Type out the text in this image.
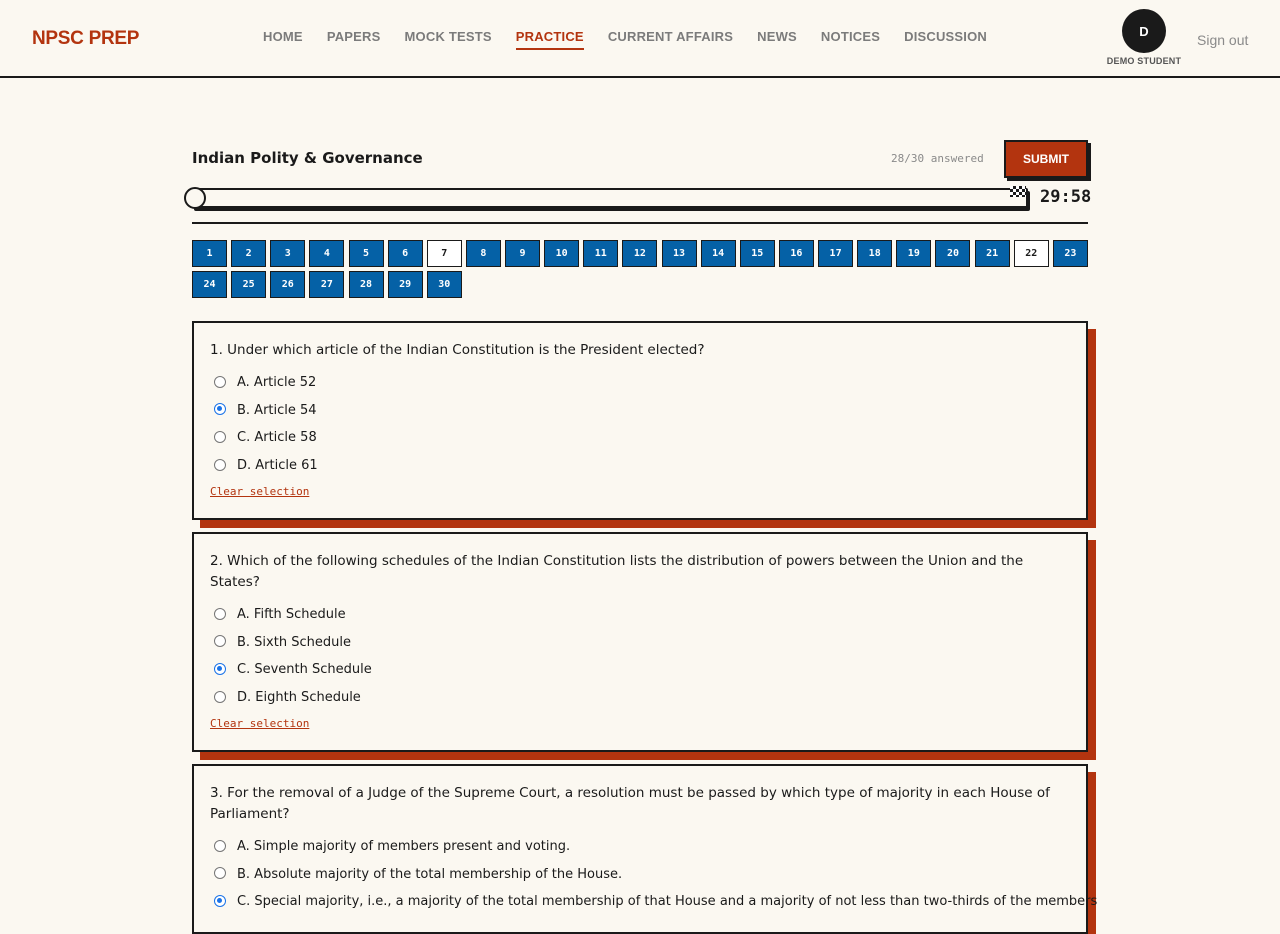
NPSC PREP	HOME PAPERS MOCK TESTS PRACTICE CURRENT AFFAIRS NEWS NOTICES DISCUSSION	D
DEMO STUDENT
Sign out
Indian Polity & Governance	28/30 answered	SUBMIT
29:58
1	2	3	4	5	6	7	8	9	10	11	12	13	14	15	16	17	18	19	20	21	22	23
24	25	26	27	28	29	30

1. Under which article of the Indian Constitution is the President elected?

A. Article 52
B. Article 54
C. Article 58
D. Article 61
Clear selection

2. Which of the following schedules of the Indian Constitution lists the distribution of powers between the Union and the States?

A. Fifth Schedule
B. Sixth Schedule
C. Seventh Schedule
D. Eighth Schedule
Clear selection

3. For the removal of a Judge of the Supreme Court, a resolution must be passed by which type of majority in each House of Parliament?

A. Simple majority of members present and voting.
B. Absolute majority of the total membership of the House.
C. Special majority, i.e., a majority of the total membership of that House and a majority of not less than two-thirds of the members
